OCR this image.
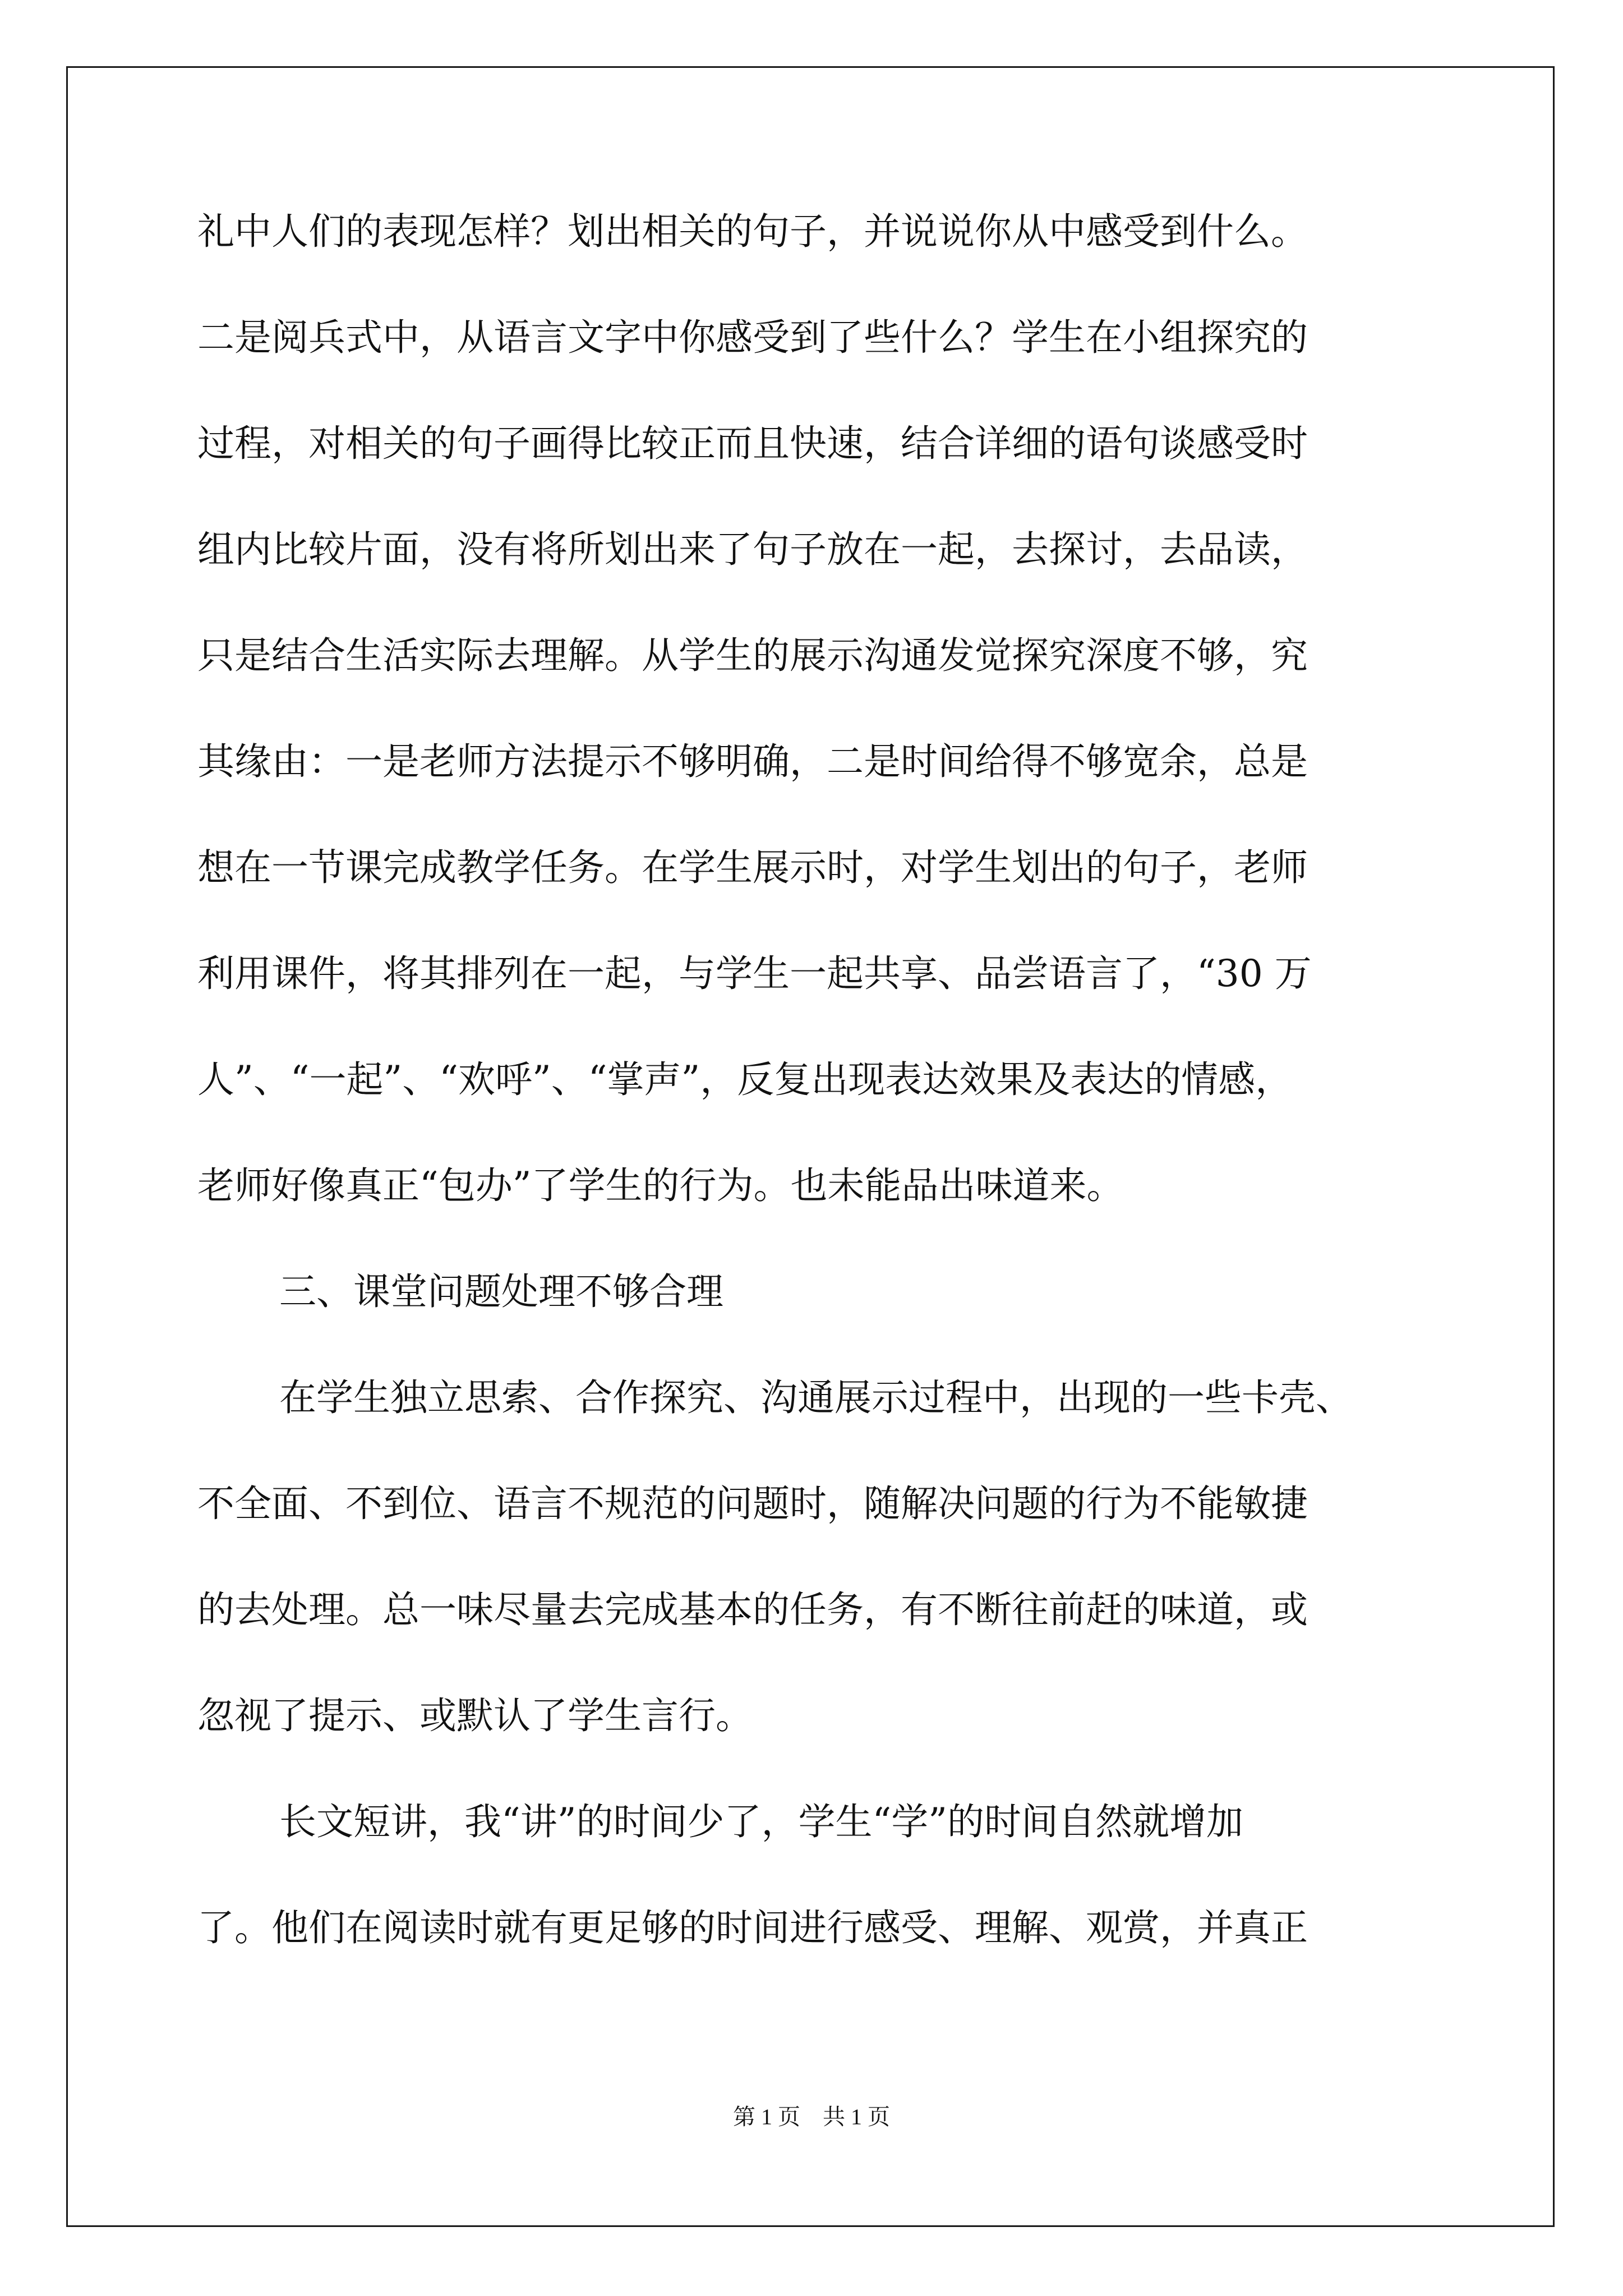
礼中人们的表现怎样？划出相关的句子，并说说你从中感受到什么。
二是阅兵式中，从语言文字中你感受到了些什么？学生在小组探究的
过程，对相关的句子画得比较正而且快速，结合详细的语句谈感受时
组内比较片面，没有将所划出来了句子放在一起，去探讨，去品读，
只是结合生活实际去理解。从学生的展示沟通发觉探究深度不够，究
其缘由：一是老师方法提示不够明确，二是时间给得不够宽余，总是
想在一节课完成教学任务。在学生展示时，对学生划出的句子，老师
利用课件，将其排列在一起，与学生一起共享、品尝语言了，“30 万
人”、“一起”、“欢呼”、“掌声”，反复出现表达效果及表达的情感，
老师好像真正“包办”了学生的行为。也未能品出味道来。
三、课堂问题处理不够合理
在学生独立思索、合作探究、沟通展示过程中，出现的一些卡壳、
不全面、不到位、语言不规范的问题时，随解决问题的行为不能敏捷
的去处理。总一味尽量去完成基本的任务，有不断往前赶的味道，或
忽视了提示、或默认了学生言行。
长文短讲，我“讲”的时间少了，学生“学”的时间自然就增加
了。他们在阅读时就有更足够的时间进行感受、理解、观赏，并真正
第 1 页　共 1 页
